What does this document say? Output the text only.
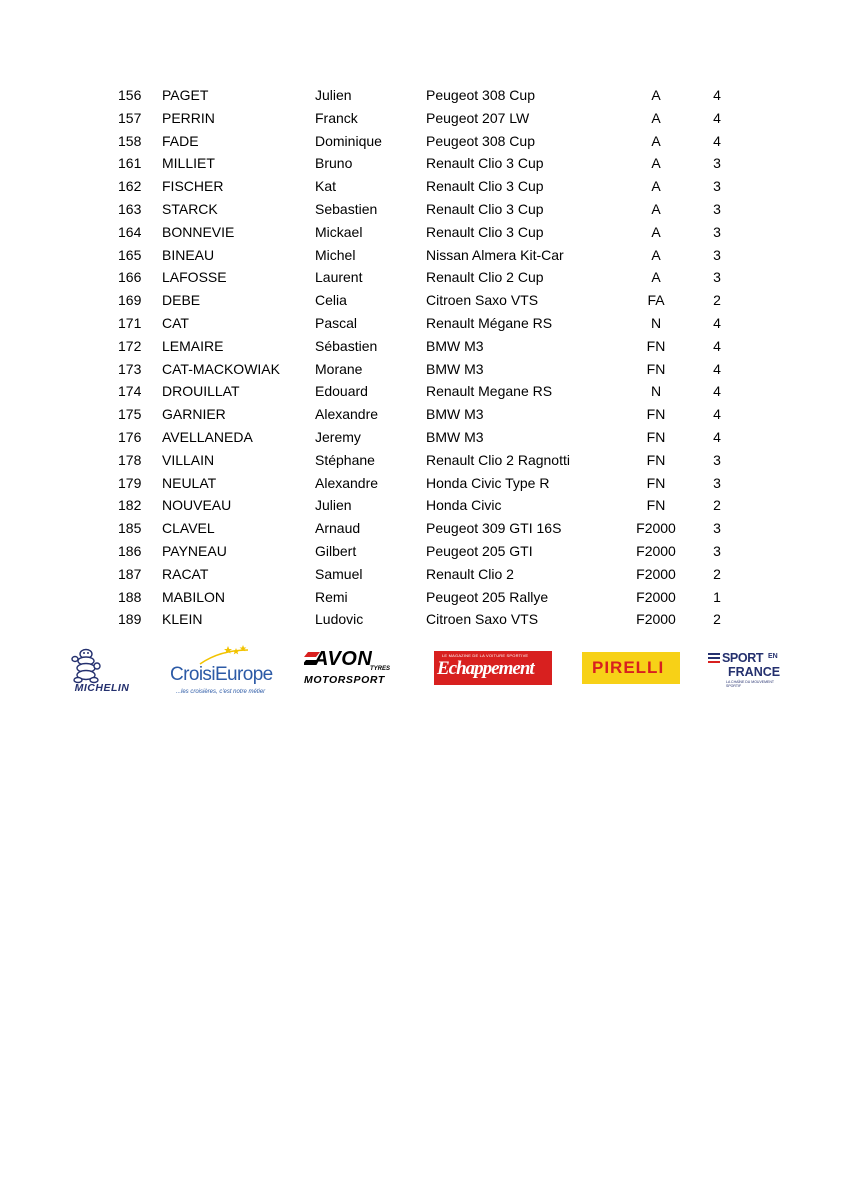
156 PAGET	Julien	Peugeot 308 Cup	A	4
157 PERRIN	Franck	Peugeot 207 LW	A	4
158 FADE	Dominique	Peugeot 308 Cup	A	4
161 MILLIET	Bruno	Renault Clio 3 Cup	A	3
162 FISCHER	Kat	Renault Clio 3 Cup	A	3
163 STARCK	Sebastien	Renault Clio 3 Cup	A	3
164 BONNEVIE	Mickael	Renault Clio 3 Cup	A	3
165 BINEAU	Michel	Nissan Almera Kit-Car	A	3
166 LAFOSSE	Laurent	Renault Clio 2 Cup	A	3
169 DEBE	Celia	Citroen Saxo VTS	FA	2
171 CAT	Pascal	Renault Mégane RS	N	4
172 LEMAIRE	Sébastien	BMW M3	FN	4
173 CAT-MACKOWIAK	Morane	BMW M3	FN	4
174 DROUILLAT	Edouard	Renault Megane RS	N	4
175 GARNIER	Alexandre	BMW M3	FN	4
176 AVELLANEDA	Jeremy	BMW M3	FN	4
178 VILLAIN	Stéphane	Renault Clio 2 Ragnotti	FN	3
179 NEULAT	Alexandre	Honda Civic Type R	FN	3
182 NOUVEAU	Julien	Honda Civic	FN	2
185 CLAVEL	Arnaud	Peugeot 309 GTI 16S	F2000	3
186 PAYNEAU	Gilbert	Peugeot 205 GTI	F2000	3
187 RACAT	Samuel	Renault Clio 2	F2000	2
188 MABILON	Remi	Peugeot 205 Rallye	F2000	1
189 KLEIN	Ludovic	Citroen Saxo VTS	F2000	2
MICHELIN
CroisiEurope
...les croisières, c'est notre métier
AVON
TYRES
MOTORSPORT
LE MAGAZINE DE LA VOITURE SPORTIVE
Echappement	PIRELLI	SPORT EN
FRANCE
LA CHAÎNE DU MOUVEMENT SPORTIF
